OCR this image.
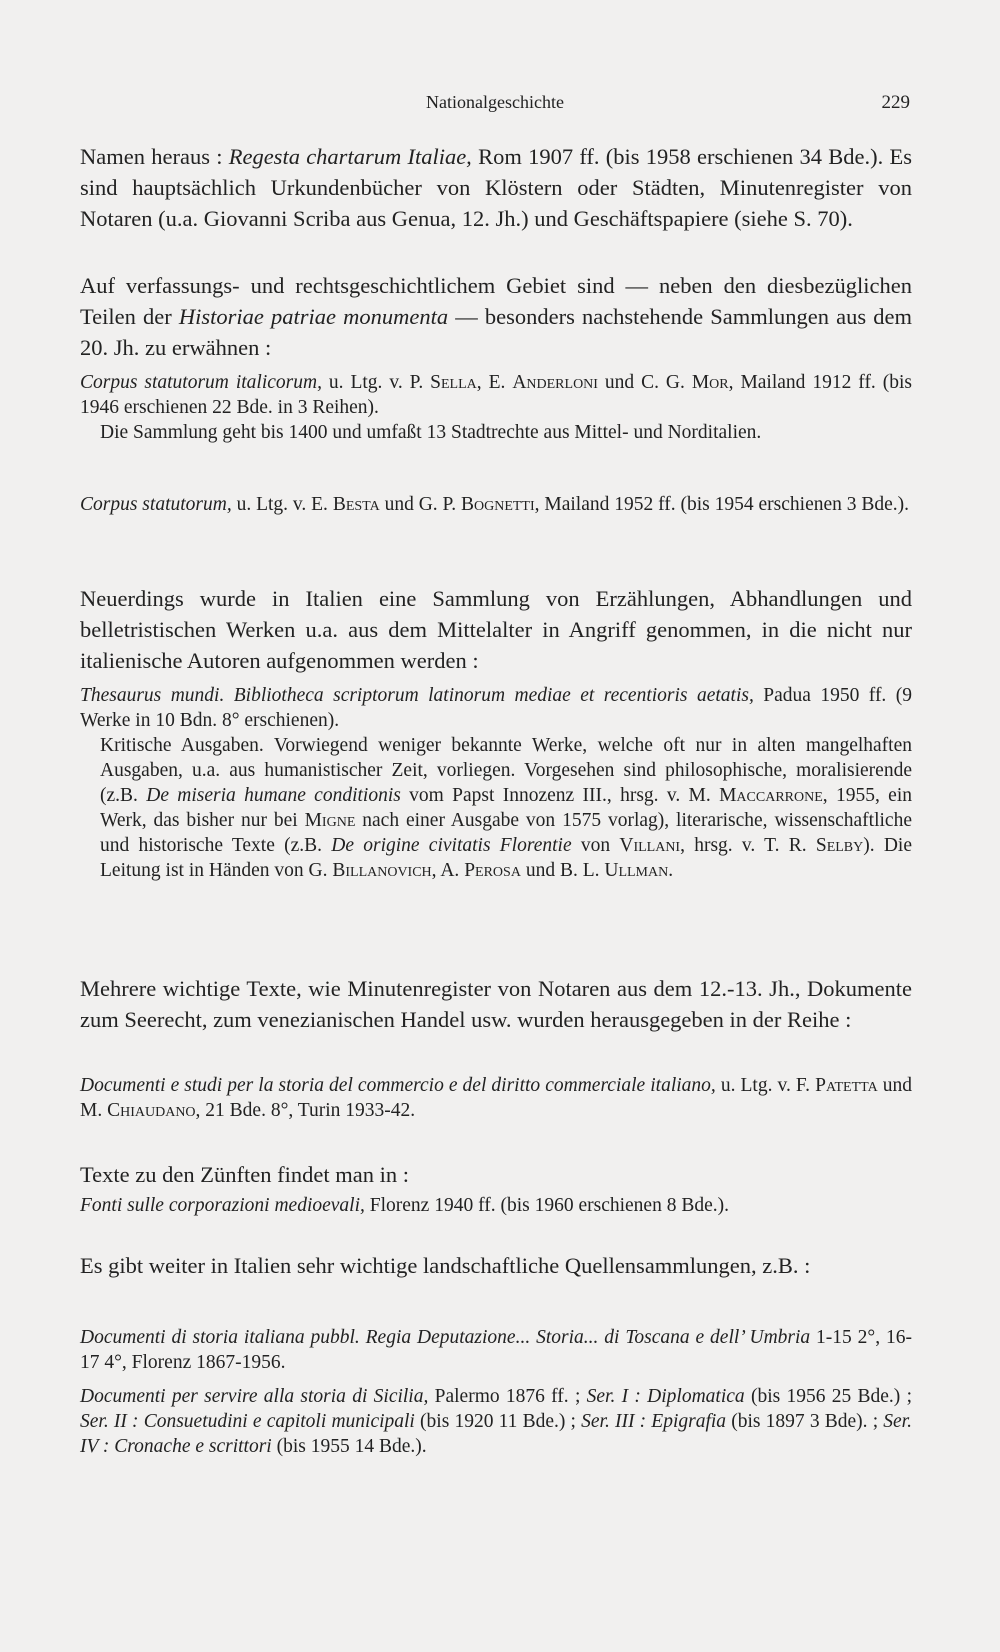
Nationalgeschichte	229

Namen heraus : Regesta chartarum Italiae, Rom 1907 ff. (bis 1958 erschienen 34 Bde.). Es sind hauptsächlich Urkundenbücher von Klöstern oder Städten, Minutenregister von Notaren (u.a. Giovanni Scriba aus Genua, 12. Jh.) und Geschäftspapiere (siehe S. 70).

Auf verfassungs- und rechtsgeschichtlichem Gebiet sind — neben den diesbezüglichen Teilen der Historiae patriae monumenta — besonders nachstehende Sammlungen aus dem 20. Jh. zu erwähnen :

Corpus statutorum italicorum, u. Ltg. v. P. Sella, E. Anderloni und C. G. Mor, Mailand 1912 ff. (bis 1946 erschienen 22 Bde. in 3 Reihen).

Die Sammlung geht bis 1400 und umfaßt 13 Stadtrechte aus Mittel- und Norditalien.

Corpus statutorum, u. Ltg. v. E. Besta und G. P. Bognetti, Mailand 1952 ff. (bis 1954 erschienen 3 Bde.).

Neuerdings wurde in Italien eine Sammlung von Erzählungen, Abhandlungen und belletristischen Werken u.a. aus dem Mittelalter in Angriff genommen, in die nicht nur italienische Autoren aufgenommen werden :

Thesaurus mundi. Bibliotheca scriptorum latinorum mediae et recentioris aetatis, Padua 1950 ff. (9 Werke in 10 Bdn. 8° erschienen).

Kritische Ausgaben. Vorwiegend weniger bekannte Werke, welche oft nur in alten mangelhaften Ausgaben, u.a. aus humanistischer Zeit, vorliegen. Vorgesehen sind philosophische, moralisierende (z.B. De miseria humane conditionis vom Papst Innozenz III., hrsg. v. M. Maccarrone, 1955, ein Werk, das bisher nur bei Migne nach einer Ausgabe von 1575 vorlag), literarische, wissenschaftliche und historische Texte (z.B. De origine civitatis Florentie von Villani, hrsg. v. T. R. Selby). Die Leitung ist in Händen von G. Billanovich, A. Perosa und B. L. Ullman.

Mehrere wichtige Texte, wie Minutenregister von Notaren aus dem 12.-13. Jh., Dokumente zum Seerecht, zum venezianischen Handel usw. wurden herausgegeben in der Reihe :

Documenti e studi per la storia del commercio e del diritto commerciale italiano, u. Ltg. v. F. Patetta und M. Chiaudano, 21 Bde. 8°, Turin 1933-42.

Texte zu den Zünften findet man in :

Fonti sulle corporazioni medioevali, Florenz 1940 ff. (bis 1960 erschienen 8 Bde.).

Es gibt weiter in Italien sehr wichtige landschaftliche Quellensammlungen, z.B. :

Documenti di storia italiana pubbl. Regia Deputazione... Storia... di Toscana e dell’ Umbria 1-15 2°, 16-17 4°, Florenz 1867-1956.

Documenti per servire alla storia di Sicilia, Palermo 1876 ff. ; Ser. I : Diplomatica (bis 1956 25 Bde.) ; Ser. II : Consuetudini e capitoli municipali (bis 1920 11 Bde.) ; Ser. III : Epigrafia (bis 1897 3 Bde). ; Ser. IV : Cronache e scrittori (bis 1955 14 Bde.).
